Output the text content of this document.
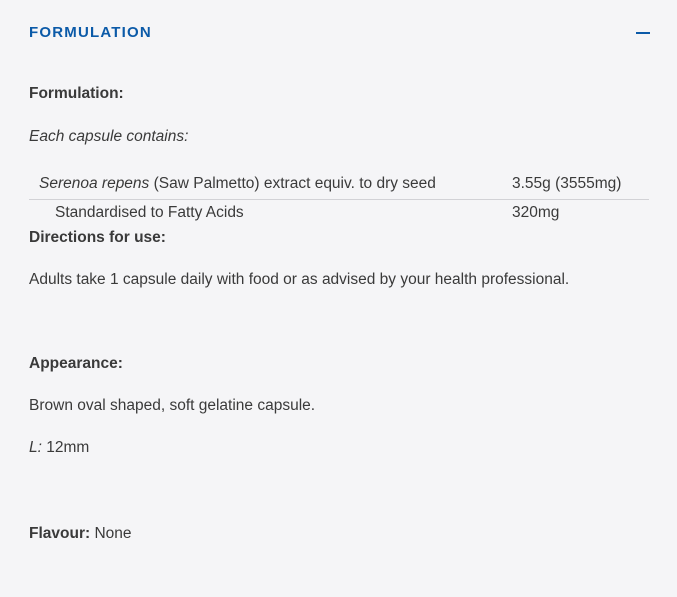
FORMULATION
Formulation:
Each capsule contains:
Serenoa repens (Saw Palmetto) extract equiv. to dry seed	3.55g (3555mg)
Standardised to Fatty Acids	320mg
Directions for use:
Adults take 1 capsule daily with food or as advised by your health professional.
Appearance:
Brown oval shaped, soft gelatine capsule.
L: 12mm
Flavour: None
